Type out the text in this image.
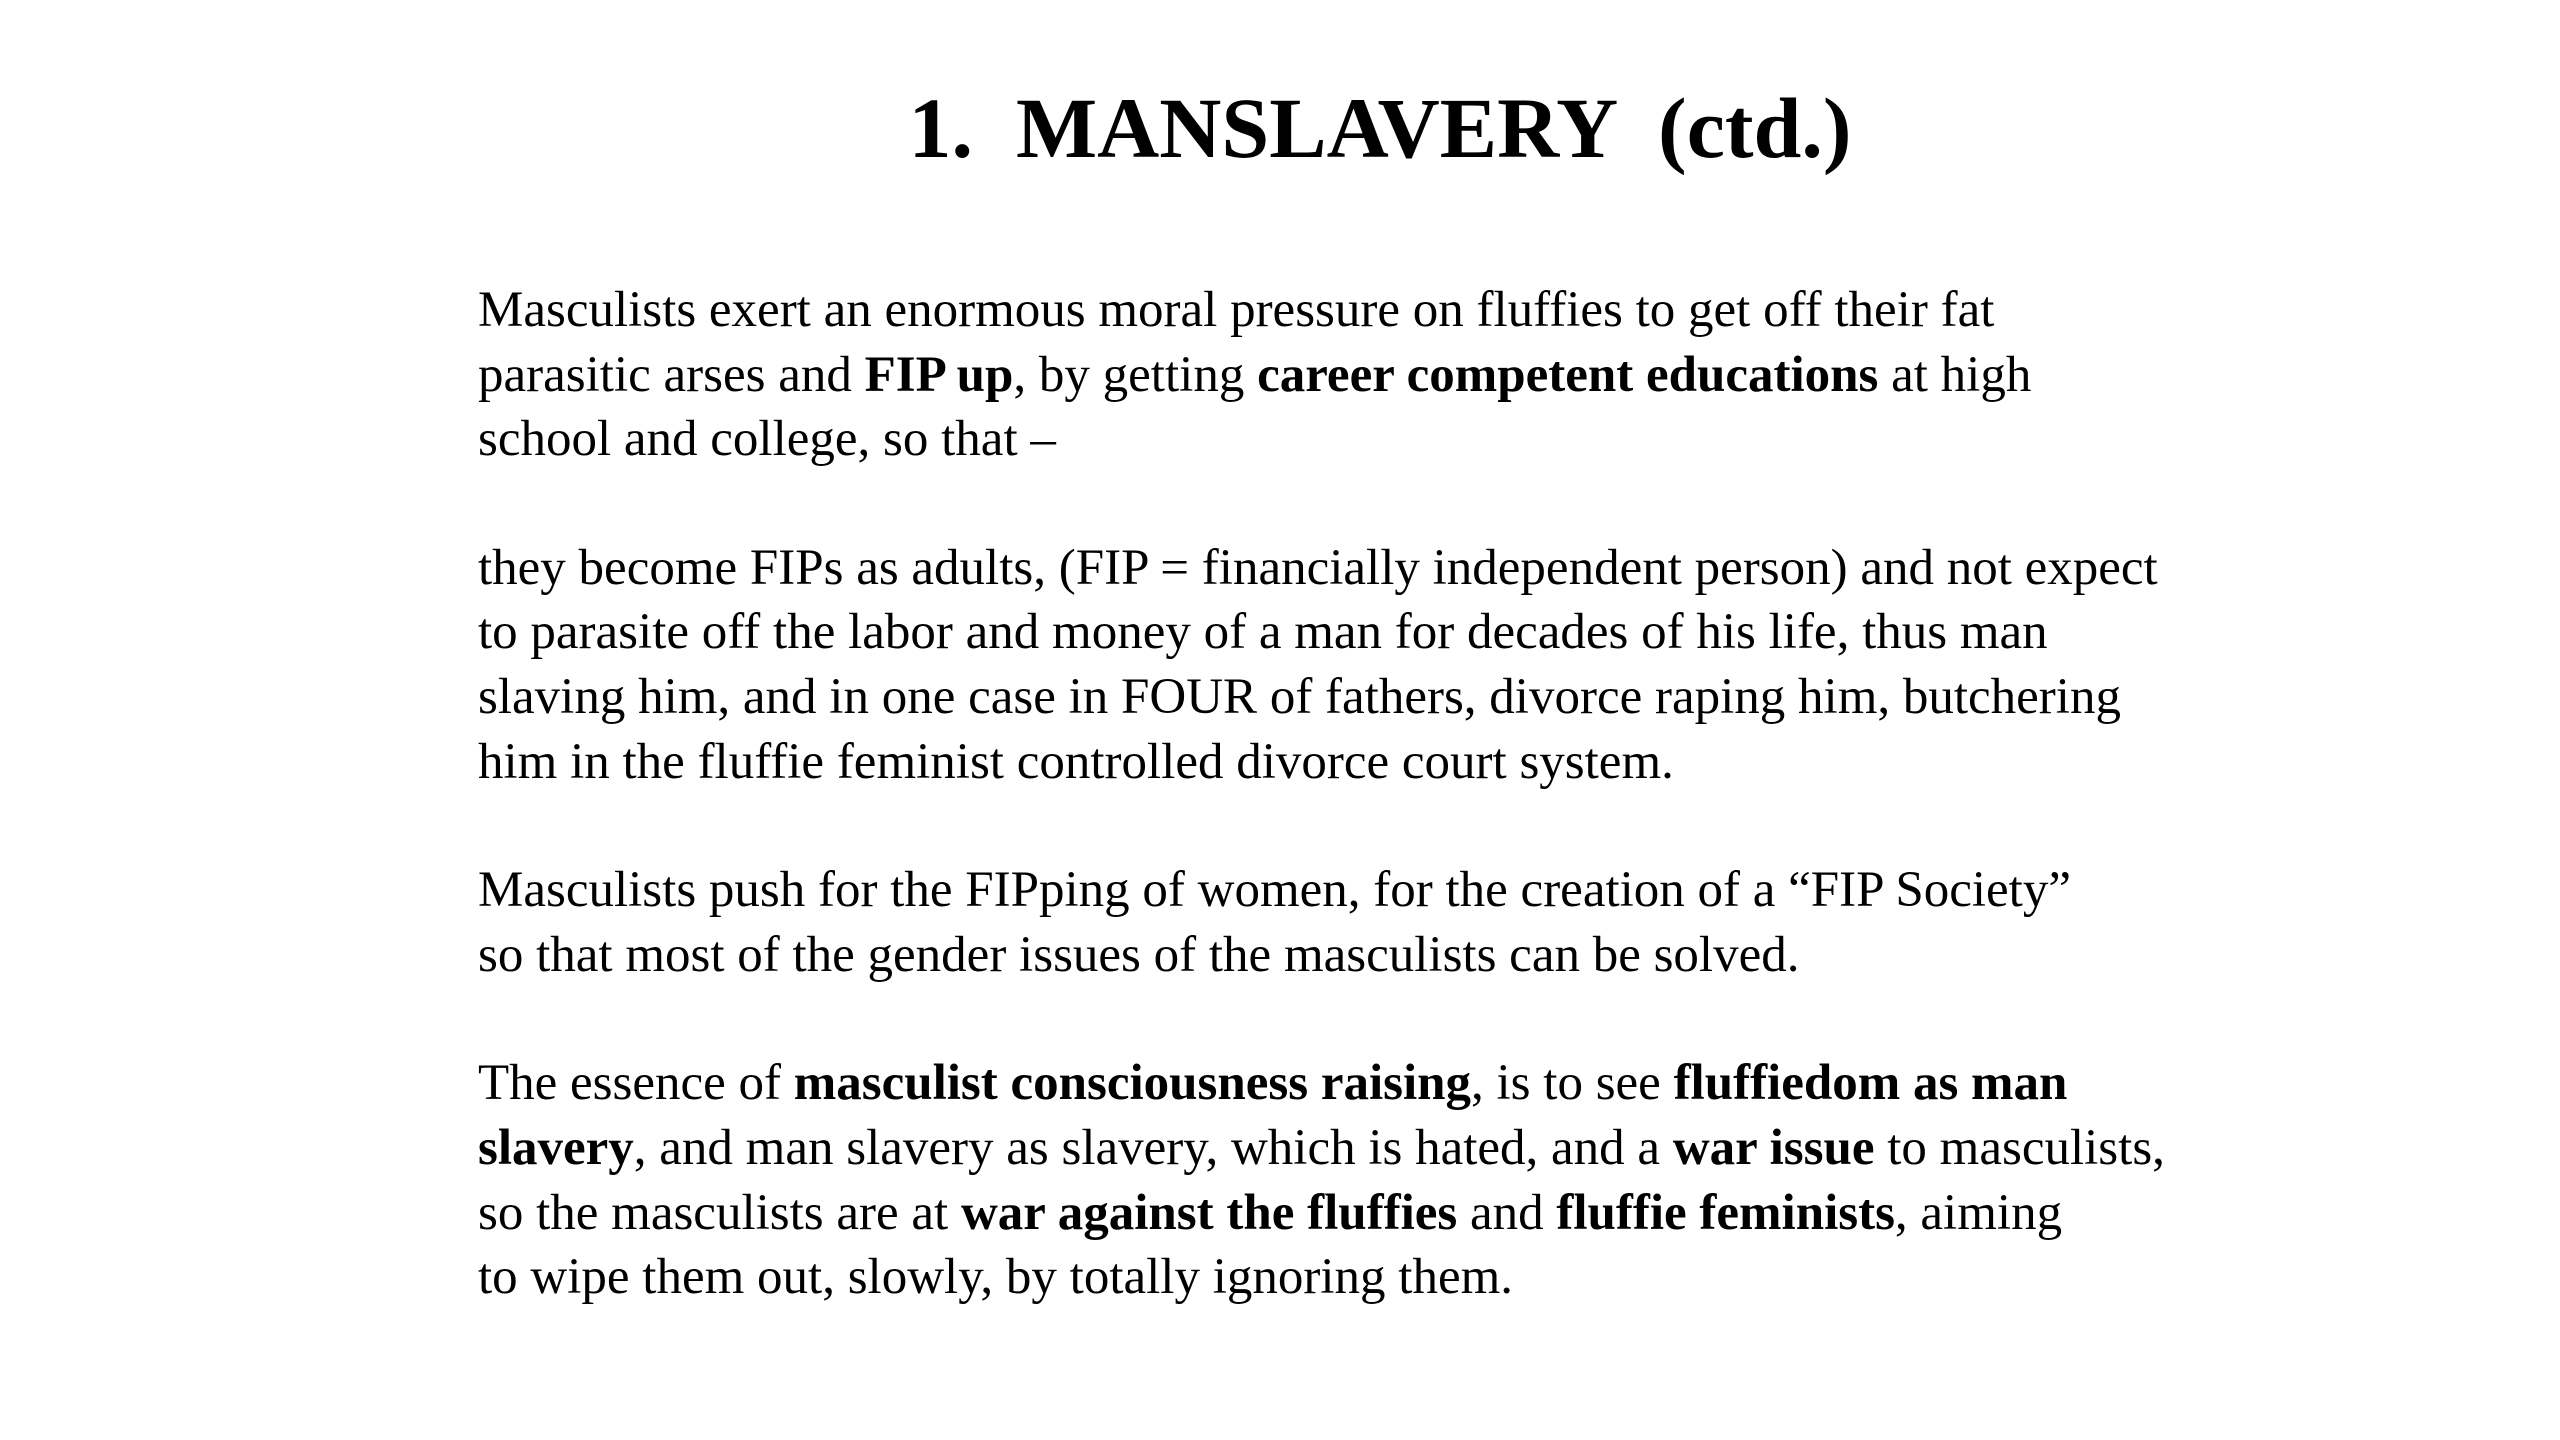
1.  MANSLAVERY  (ctd.)

Masculists exert an enormous moral pressure on fluffies to get off their fat
parasitic arses and FIP up, by getting career competent educations at high
school and college, so that –

they become FIPs as adults, (FIP = financially independent person) and not expect
to parasite off the labor and money of a man for decades of his life, thus man
slaving him, and in one case in FOUR of fathers, divorce raping him, butchering
him in the fluffie feminist controlled divorce court system.

Masculists push for the FIPping of women, for the creation of a “FIP Society”
so that most of the gender issues of the masculists can be solved.

The essence of masculist consciousness raising, is to see fluffiedom as man
slavery, and man slavery as slavery, which is hated, and a war issue to masculists,
so the masculists are at war against the fluffies and fluffie feminists, aiming
to wipe them out, slowly, by totally ignoring them.
